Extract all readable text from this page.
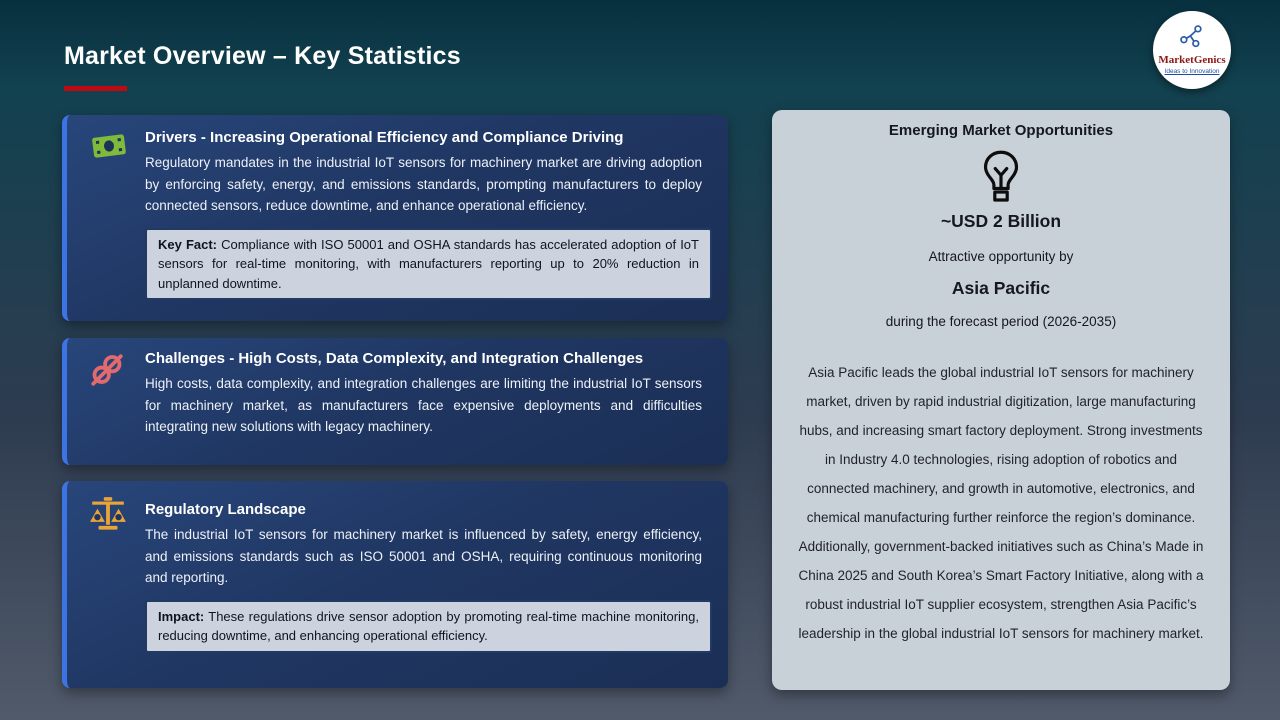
Market Overview – Key Statistics	MarketGenics
Ideas to Innovation
Drivers - Increasing Operational Efficiency and Compliance Driving

Regulatory mandates in the industrial IoT sensors for machinery market are driving adoption by enforcing safety, energy, and emissions standards, prompting manufacturers to deploy connected sensors, reduce downtime, and enhance operational efficiency.

Key Fact: Compliance with ISO 50001 and OSHA standards has accelerated adoption of IoT sensors for real-time monitoring, with manufacturers reporting up to 20% reduction in unplanned downtime.
Challenges - High Costs, Data Complexity, and Integration Challenges

High costs, data complexity, and integration challenges are limiting the industrial IoT sensors for machinery market, as manufacturers face expensive deployments and difficulties integrating new solutions with legacy machinery.

Regulatory Landscape

The industrial IoT sensors for machinery market is influenced by safety, energy efficiency, and emissions standards such as ISO 50001 and OSHA, requiring continuous monitoring and reporting.

Impact: These regulations drive sensor adoption by promoting real-time machine monitoring, reducing downtime, and enhancing operational efficiency.
Emerging Market Opportunities
~USD 2 Billion
Attractive opportunity by
Asia Pacific
during the forecast period (2026-2035)

Asia Pacific leads the global industrial IoT sensors for machinery market, driven by rapid industrial digitization, large manufacturing hubs, and increasing smart factory deployment. Strong investments in Industry 4.0 technologies, rising adoption of robotics and connected machinery, and growth in automotive, electronics, and chemical manufacturing further reinforce the region’s dominance. Additionally, government-backed initiatives such as China’s Made in China 2025 and South Korea’s Smart Factory Initiative, along with a robust industrial IoT supplier ecosystem, strengthen Asia Pacific’s leadership in the global industrial IoT sensors for machinery market.
